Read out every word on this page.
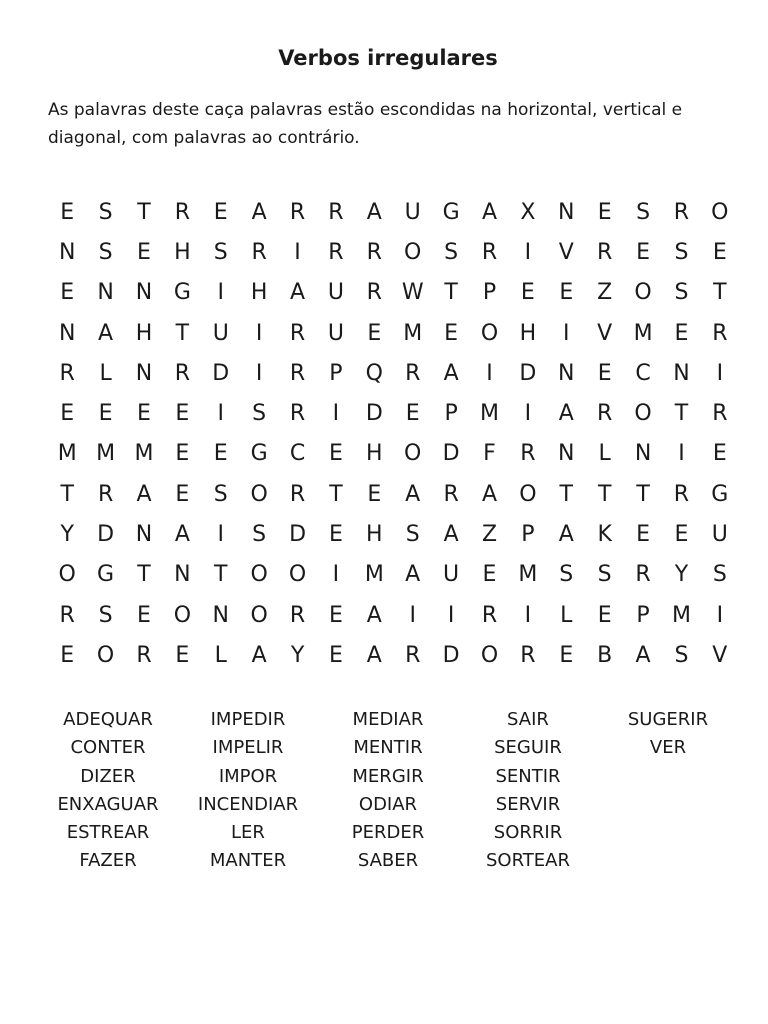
Verbos irregulares

As palavras deste caça palavras estão escondidas na horizontal, vertical e diagonal, com palavras ao contrário.

E	S	T	R	E	A	R	R	A	U G	A	X	N	E	S	R	O
N	S	E	H	S	R	I	R	R	O	S	R	I	V	R	E	S	E
E	N N G	I	H	A	U	R W T	P	E	E	Z	O	S	T
N	A	H	T	U	I	R	U	E M E	O H	I	V M E	R
R	L	N	R	D	I	R	P	Q	R	A	I	D N	E	C	N	I
E	E	E	E	I	S	R	I	D	E	P	M	I	A	R	O	T	R
M M M E	E	G	C	E	H O D	F	R	N	L	N	I	E
T	R	A	E	S	O	R	T	E	A	R	A	O	T	T	T	R	G
Y	D N	A	I	S	D	E	H	S	A	Z	P	A	K	E	E	U
O G	T	N	T	O O	I	M A	U	E M S	S	R	Y	S
R	S	E	O N O	R	E	A	I	I	R	I	L	E	P	M	I
E	O	R	E	L	A	Y	E	A	R	D O	R	E	B	A	S	V
ADEQUAR
CONTER
DIZER
ENXAGUAR
ESTREAR
FAZER
IMPEDIR
IMPELIR
IMPOR
INCENDIAR
LER
MANTER
MEDIAR
MENTIR
MERGIR
ODIAR
PERDER
SABER
SAIR
SEGUIR
SENTIR
SERVIR
SORRIR
SORTEAR
SUGERIR
VER
